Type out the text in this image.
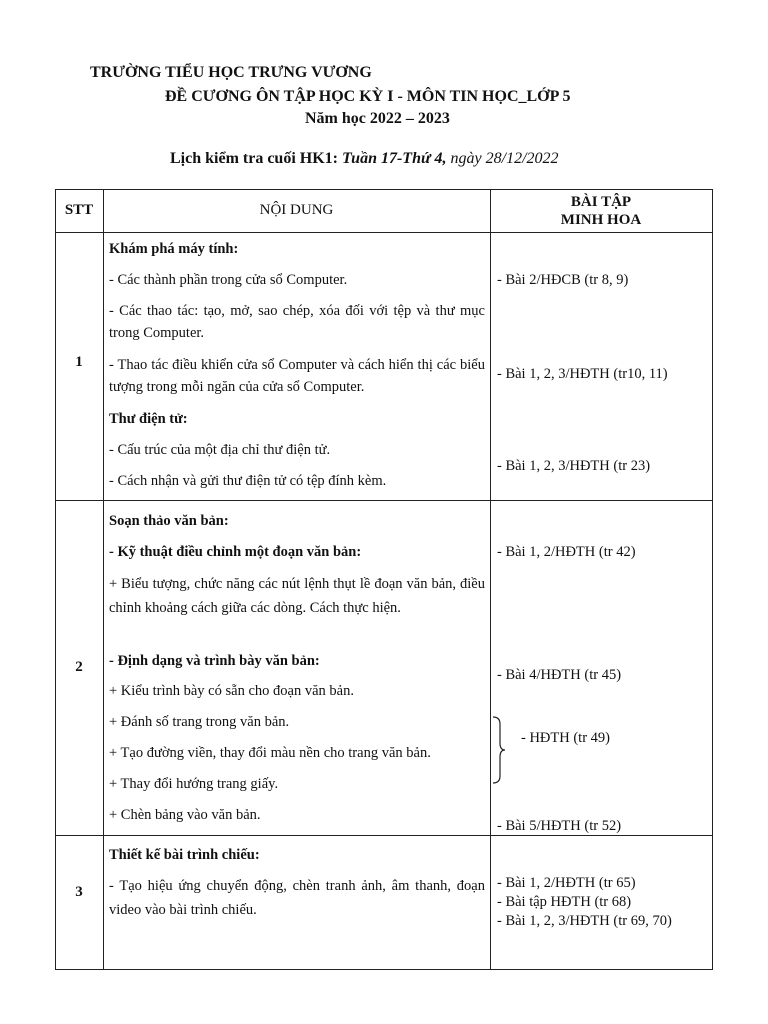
TRƯỜNG TIỂU HỌC TRƯNG VƯƠNG
ĐỀ CƯƠNG ÔN TẬP HỌC KỲ I - MÔN TIN HỌC_LỚP 5
Năm học 2022 – 2023
Lịch kiểm tra cuối HK1: Tuần 17-Thứ 4, ngày 28/12/2022
STT	NỘI DUNG	BÀI TẬP
MINH HOA
1
Khám phá máy tính:
- Các thành phần trong cửa sổ Computer.
- Các thao tác: tạo, mở, sao chép, xóa đối với tệp và thư mục trong Computer.
- Thao tác điều khiển cửa sổ Computer và cách hiển thị các biểu tượng trong mỗi ngăn của cửa sổ Computer.
Thư điện tử:
- Cấu trúc của một địa chỉ thư điện tử.
- Cách nhận và gửi thư điện tử có tệp đính kèm.
- Bài 2/HĐCB (tr 8, 9)
- Bài 1, 2, 3/HĐTH (tr10, 11)
- Bài 1, 2, 3/HĐTH (tr 23)
2
Soạn thảo văn bản:
- Kỹ thuật điều chỉnh một đoạn văn bản:
+ Biểu tượng, chức năng các nút lệnh thụt lề đoạn văn bản, điều chỉnh khoảng cách giữa các dòng. Cách thực hiện.
- Định dạng và trình bày văn bản:
+ Kiểu trình bày có sẵn cho đoạn văn bản.
+ Đánh số trang trong văn bản.
+ Tạo đường viền, thay đổi màu nền cho trang văn bản.
+ Thay đổi hướng trang giấy.
+ Chèn bảng vào văn bản.
- Bài 1, 2/HĐTH (tr 42)
- Bài 4/HĐTH (tr 45)
- HĐTH (tr 49)
- Bài 5/HĐTH (tr 52)
3
Thiết kế bài trình chiếu:
- Tạo hiệu ứng chuyển động, chèn tranh ảnh, âm thanh, đoạn video vào bài trình chiếu.
- Bài 1, 2/HĐTH (tr 65)
- Bài tập HĐTH (tr 68)
- Bài 1, 2, 3/HĐTH (tr 69, 70)
